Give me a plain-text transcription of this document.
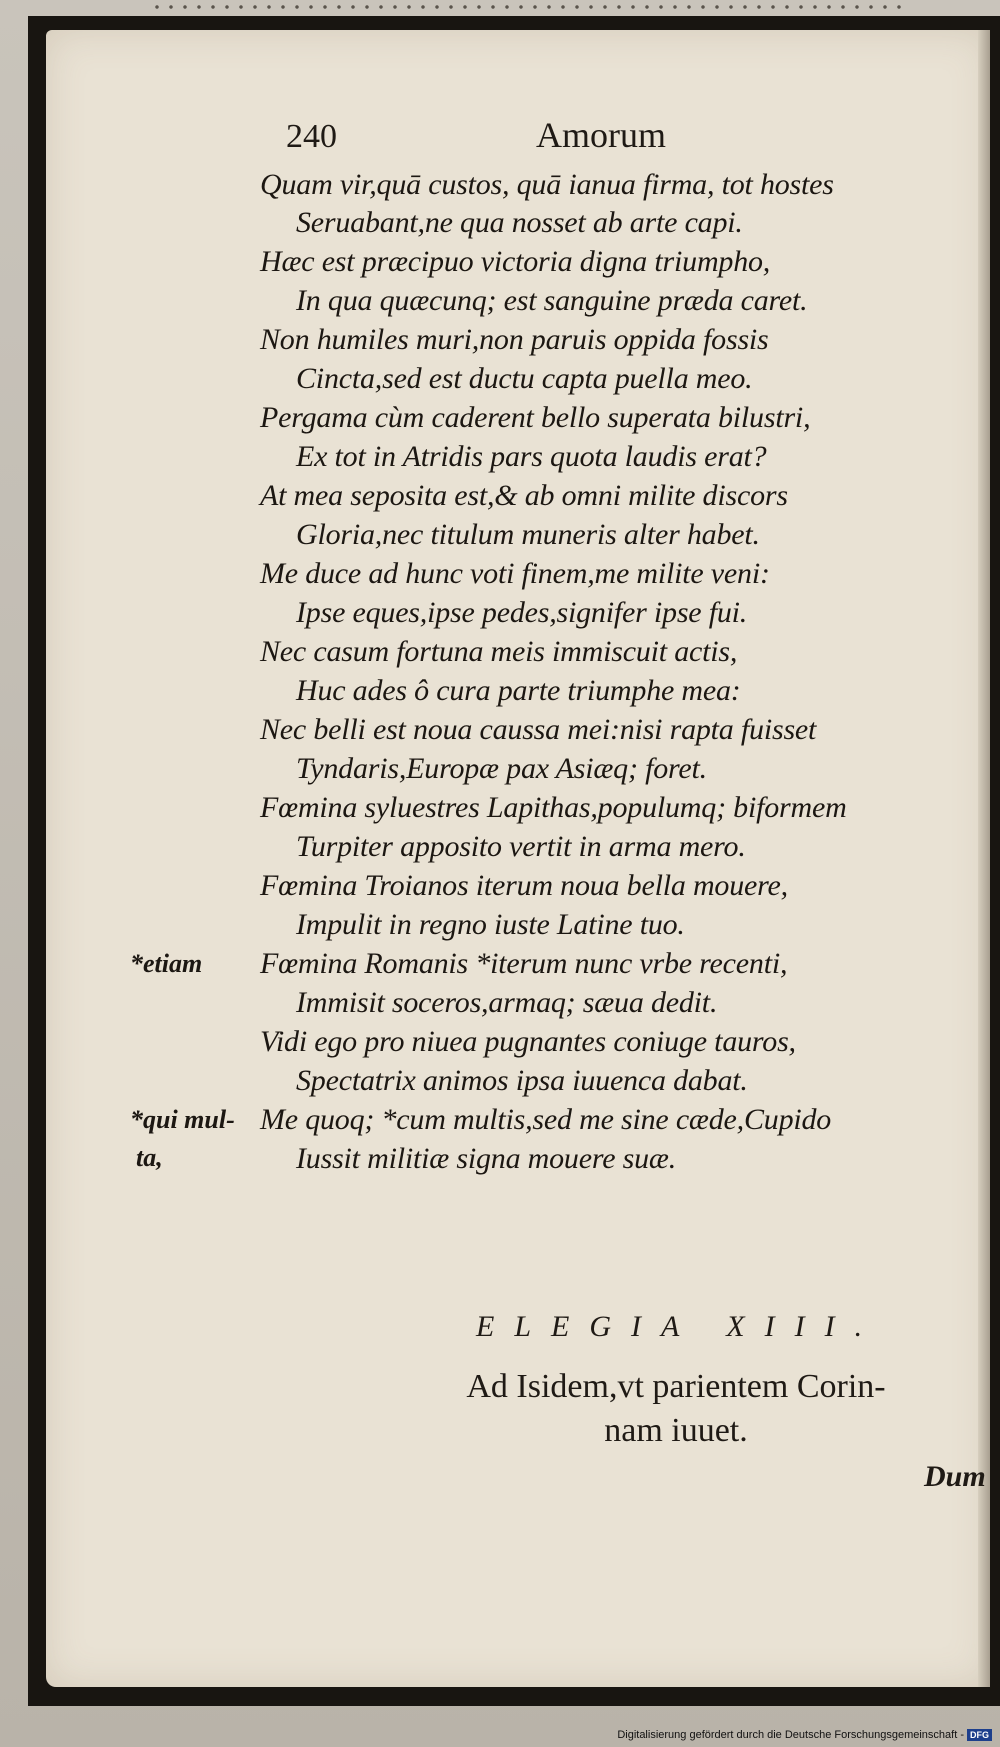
240	Amorum
Quam vir,quā custos, quā ianua firma, tot hostes
Seruabant,ne qua nosset ab arte capi.
Hæc est præcipuo victoria digna triumpho,
In qua quæcunq; est sanguine præda caret.
Non humiles muri,non paruis oppida fossis
Cincta,sed est ductu capta puella meo.
Pergama cùm caderent bello superata bilustri,
Ex tot in Atridis pars quota laudis erat?
At mea seposita est,& ab omni milite discors
Gloria,nec titulum muneris alter habet.
Me duce ad hunc voti finem,me milite veni:
Ipse eques,ipse pedes,signifer ipse fui.
Nec casum fortuna meis immiscuit actis,
Huc ades ô cura parte triumphe mea:
Nec belli est noua caussa mei:nisi rapta fuisset
Tyndaris,Europæ pax Asiæq; foret.
Fœmina syluestres Lapithas,populumq; biformem
Turpiter apposito vertit in arma mero.
Fœmina Troianos iterum noua bella mouere,
Impulit in regno iuste Latine tuo.
Fœmina Romanis *iterum nunc vrbe recenti,
Immisit soceros,armaq; sæua dedit.
Vidi ego pro niuea pugnantes coniuge tauros,
Spectatrix animos ipsa iuuenca dabat.
Me quoq; *cum multis,sed me sine cæde,Cupido
Iussit militiæ signa mouere suæ.
*etiam
*qui mul-
ta,
ELEGIA XIII.
Ad Isidem,vt parientem Corin-
nam iuuet.
Dum
Digitalisierung gefördert durch die Deutsche Forschungsgemeinschaft - DFG
